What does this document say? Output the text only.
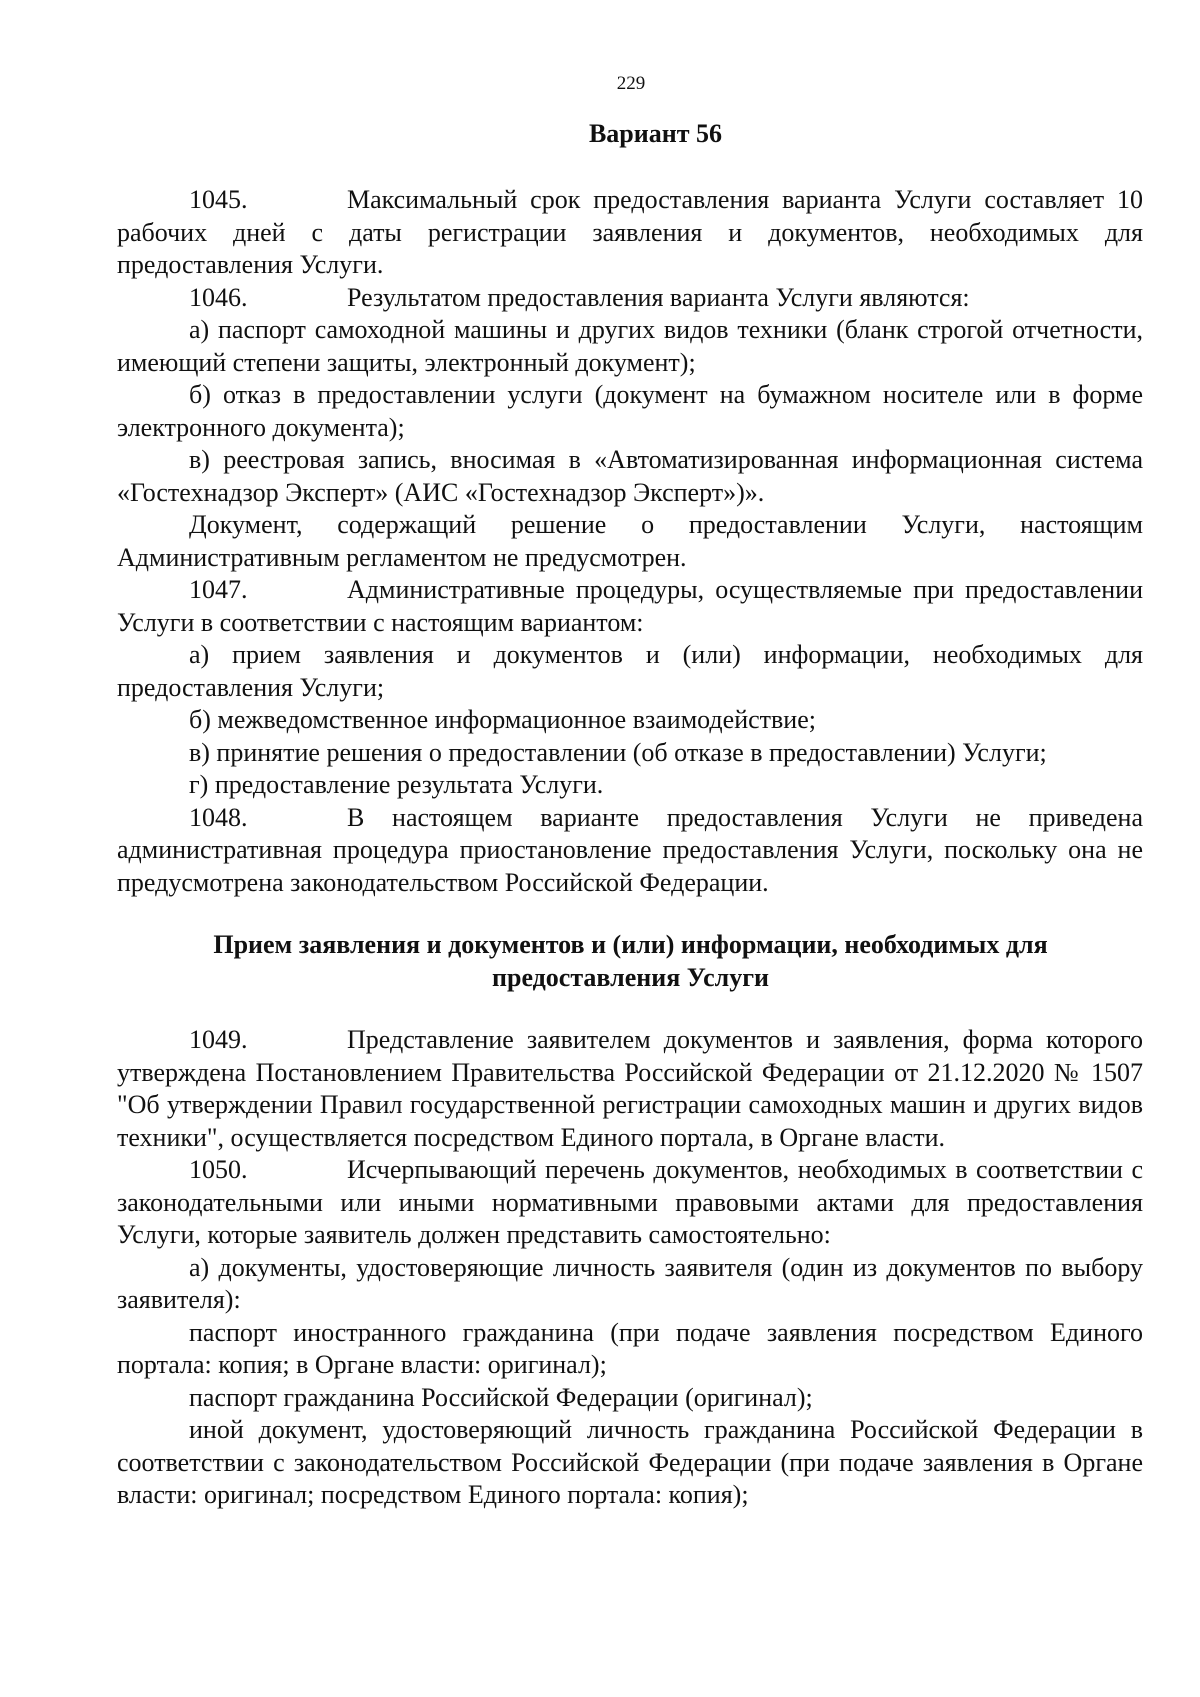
229
Вариант 56

1045.	Максимальный срок предоставления варианта Услуги составляет 10 рабочих дней с даты регистрации заявления и документов, необходимых для предоставления Услуги.

1046.	Результатом предоставления варианта Услуги являются:

а) паспорт самоходной машины и других видов техники (бланк строгой отчетности, имеющий степени защиты, электронный документ);

б) отказ в предоставлении услуги (документ на бумажном носителе или в форме электронного документа);

в) реестровая запись, вносимая в «Автоматизированная информационная система «Гостехнадзор Эксперт» (АИС «Гостехнадзор Эксперт»)».

Документ, содержащий решение о предоставлении Услуги, настоящим Административным регламентом не предусмотрен.

1047.	Административные процедуры, осуществляемые при предоставлении Услуги в соответствии с настоящим вариантом:

а) прием заявления и документов и (или) информации, необходимых для предоставления Услуги;

б) межведомственное информационное взаимодействие;

в) принятие решения о предоставлении (об отказе в предоставлении) Услуги;

г) предоставление результата Услуги.

1048.	В настоящем варианте предоставления Услуги не приведена административная процедура приостановление предоставления Услуги, поскольку она не предусмотрена законодательством Российской Федерации.

Прием заявления и документов и (или) информации, необходимых для предоставления Услуги

1049.	Представление заявителем документов и заявления, форма которого утверждена Постановлением Правительства Российской Федерации от 21.12.2020 № 1507 "Об утверждении Правил государственной регистрации самоходных машин и других видов техники", осуществляется посредством Единого портала, в Органе власти.

1050.	Исчерпывающий перечень документов, необходимых в соответствии с законодательными или иными нормативными правовыми актами для предоставления Услуги, которые заявитель должен представить самостоятельно:

а) документы, удостоверяющие личность заявителя (один из документов по выбору заявителя):

паспорт иностранного гражданина (при подаче заявления посредством Единого портала: копия; в Органе власти: оригинал);

паспорт гражданина Российской Федерации (оригинал);

иной документ, удостоверяющий личность гражданина Российской Федерации в соответствии с законодательством Российской Федерации (при подаче заявления в Органе власти: оригинал; посредством Единого портала: копия);
